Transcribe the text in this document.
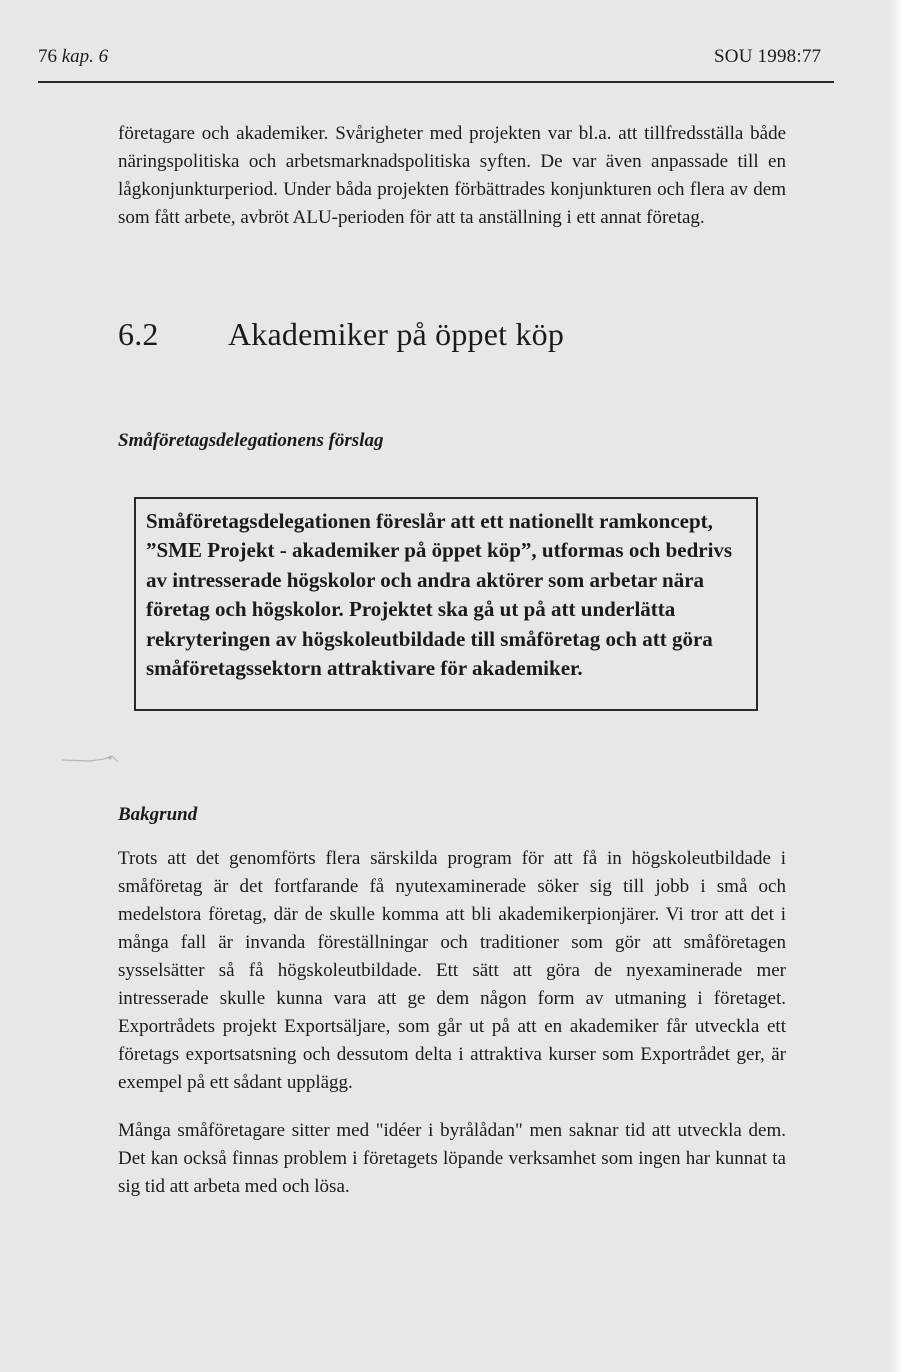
76 kap. 6	SOU 1998:77

företagare och akademiker. Svårigheter med projekten var bl.a. att tillfredsställa både näringspolitiska och arbetsmarknadspolitiska syften. De var även anpassade till en lågkonjunkturperiod. Under båda projekten förbättrades konjunkturen och flera av dem som fått arbete, avbröt ALU-perioden för att ta anställning i ett annat företag.

6.2 Akademiker på öppet köp
Småföretagsdelegationens förslag

Småföretagsdelegationen föreslår att ett nationellt ramkoncept, ”SME Projekt - akademiker på öppet köp”, utformas och bedrivs av intresserade högskolor och andra aktörer som arbetar nära företag och högskolor. Projektet ska gå ut på att underlätta rekryteringen av högskoleutbildade till småföretag och att göra småföretagssektorn attraktivare för akademiker.

Bakgrund

Trots att det genomförts flera särskilda program för att få in högskoleutbildade i småföretag är det fortfarande få nyutexaminerade söker sig till jobb i små och medelstora företag, där de skulle komma att bli akademikerpionjärer. Vi tror att det i många fall är invanda föreställningar och traditioner som gör att småföretagen sysselsätter så få högskoleutbildade. Ett sätt att göra de nyexaminerade mer intresserade skulle kunna vara att ge dem någon form av utmaning i företaget. Exportrådets projekt Exportsäljare, som går ut på att en akademiker får utveckla ett företags exportsatsning och dessutom delta i attraktiva kurser som Exportrådet ger, är exempel på ett sådant upplägg.

Många småföretagare sitter med "idéer i byrålådan" men saknar tid att utveckla dem. Det kan också finnas problem i företagets löpande verksamhet som ingen har kunnat ta sig tid att arbeta med och lösa.
